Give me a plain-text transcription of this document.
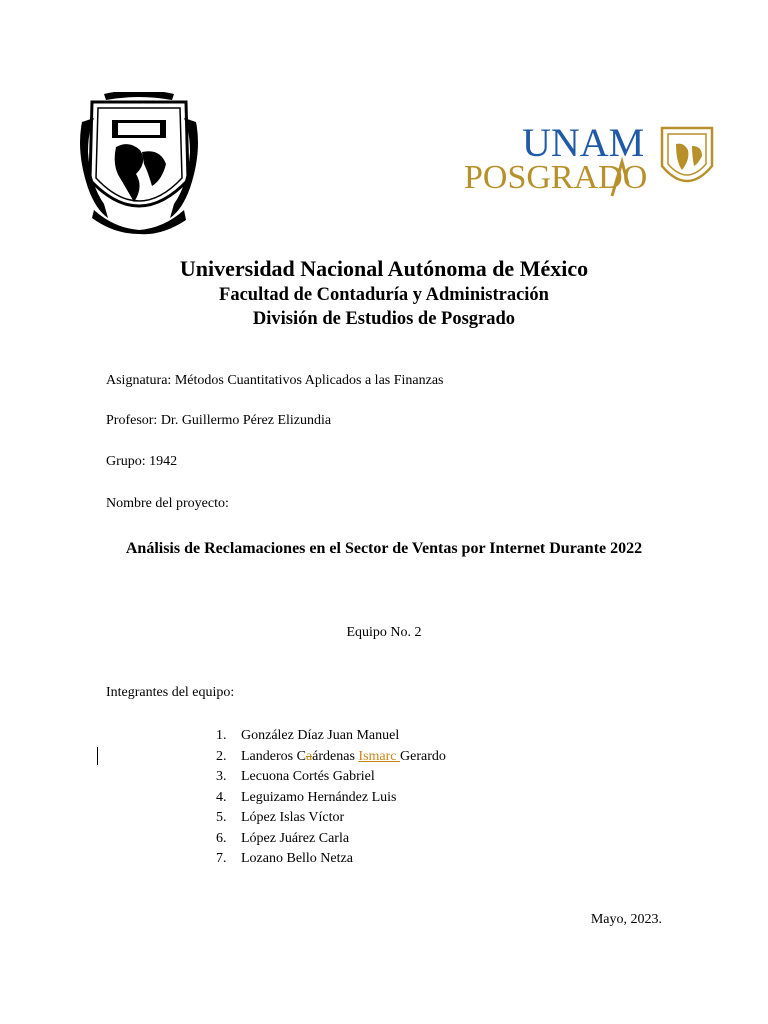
UNAM
POSGRADO
Universidad Nacional Autónoma de México
Facultad de Contaduría y Administración
División de Estudios de Posgrado
Asignatura: Métodos Cuantitativos Aplicados a las Finanzas
Profesor: Dr. Guillermo Pérez Elizundia
Grupo: 1942
Nombre del proyecto:
Análisis de Reclamaciones en el Sector de Ventas por Internet Durante 2022
Equipo No. 2
Integrantes del equipo:
1. González Díaz Juan Manuel
2. Landeros Caárdenas Ismarc Gerardo
3. Lecuona Cortés Gabriel
4. Leguizamo Hernández Luis
5. López Islas Víctor
6. López Juárez Carla
7. Lozano Bello Netza
Mayo, 2023.
